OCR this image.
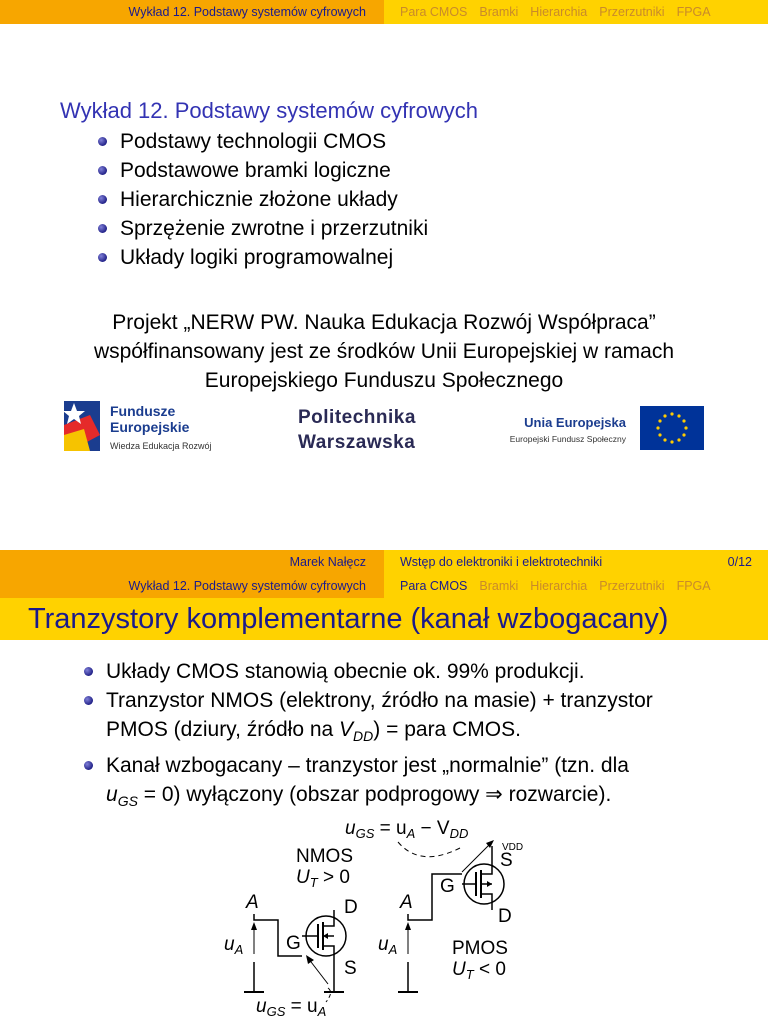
Wykład 12. Podstawy systemów cyfrowych	Para CMOS Bramki Hierarchia Przerzutniki FPGA
Wykład 12. Podstawy systemów cyfrowych
Podstawy technologii CMOS
Podstawowe bramki logiczne
Hierarchicznie złożone układy
Sprzężenie zwrotne i przerzutniki
Układy logiki programowalnej
Projekt „NERW PW. Nauka Edukacja Rozwój Współpraca”
współfinansowany jest ze środków Unii Europejskiej w ramach
Europejskiego Funduszu Społecznego
Fundusze
Europejskie
Wiedza Edukacja Rozwój
Politechnika
Warszawska
Unia Europejska
Europejski Fundusz Społeczny
Marek Nałęcz	Wstęp do elektroniki i elektrotechniki	0/12
Wykład 12. Podstawy systemów cyfrowych	Para CMOS Bramki Hierarchia Przerzutniki FPGA
Tranzystory komplementarne (kanał wzbogacany)
Układy CMOS stanowią obecnie ok. 99% produkcji.
Tranzystor NMOS (elektrony, źródło na masie) + tranzystor
PMOS (dziury, źródło na $V_{DD}$) = para CMOS.
Kanał wzbogacany – tranzystor jest „normalnie” (tzn. dla
$u_{GS} = 0$) wyłączony (obszar podprogowy ⇒ rozwarcie).
$u_{GS} = u_A - V_{DD}$
NMOS
$U_T > 0$
A
G
D
S
$u_A$
$u_{GS} = u_A$
A
G
S
VDD
D
$u_A$	PMOS
$U_T < 0$
